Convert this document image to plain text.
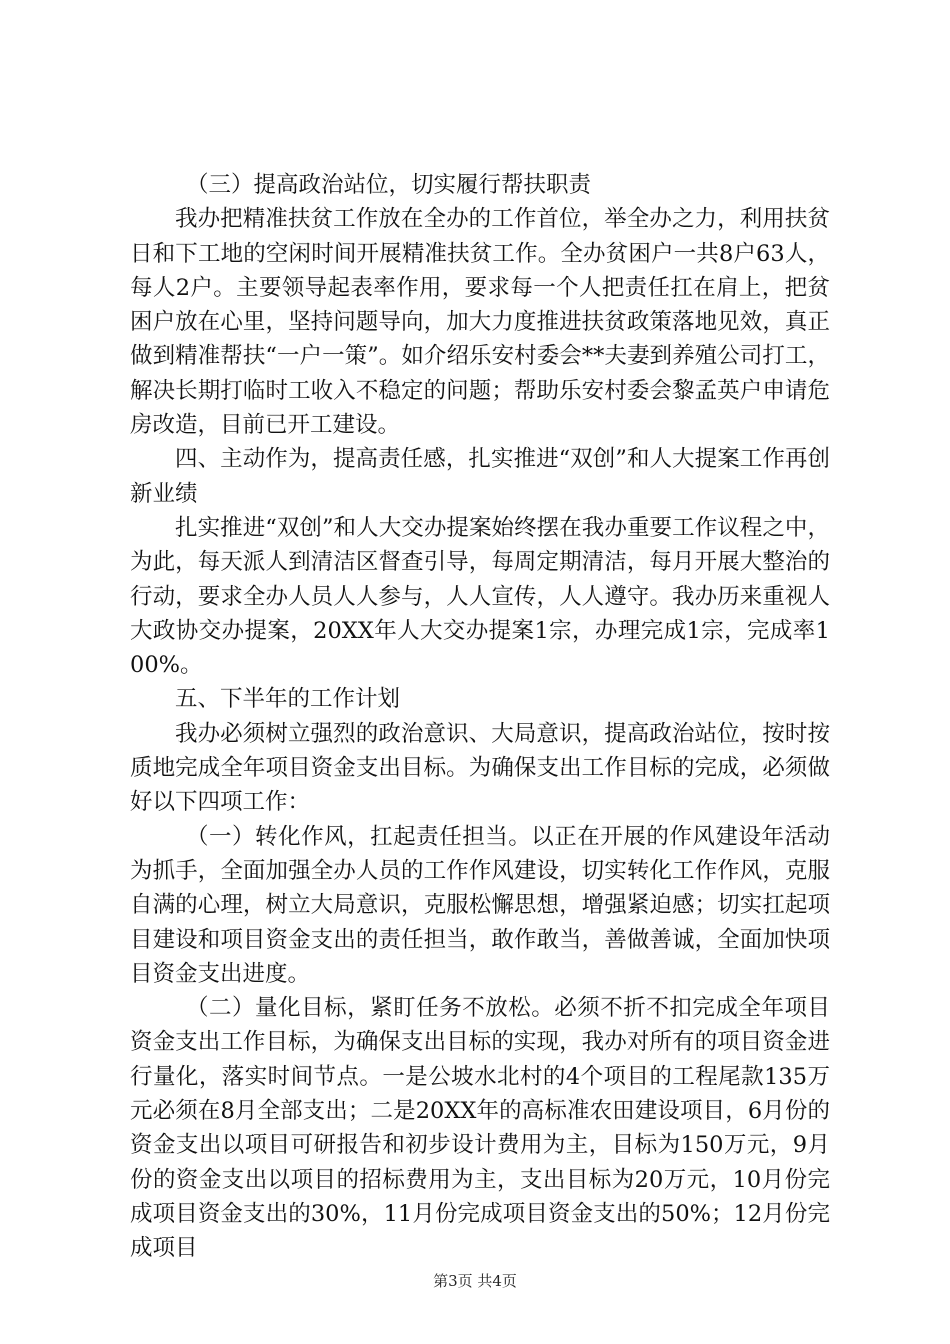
（三）提高政治站位，切实履行帮扶职责

我办把精准扶贫工作放在全办的工作首位，举全办之力，利用扶贫日和下工地的空闲时间开展精准扶贫工作。全办贫困户一共8户63人，每人2户。主要领导起表率作用，要求每一个人把责任扛在肩上，把贫困户放在心里，坚持问题导向，加大力度推进扶贫政策落地见效，真正做到精准帮扶“一户一策”。如介绍乐安村委会**夫妻到养殖公司打工，解决长期打临时工收入不稳定的问题；帮助乐安村委会黎孟英户申请危房改造，目前已开工建设。

四、主动作为，提高责任感，扎实推进“双创”和人大提案工作再创新业绩

扎实推进“双创”和人大交办提案始终摆在我办重要工作议程之中，为此，每天派人到清洁区督查引导，每周定期清洁，每月开展大整治的行动，要求全办人员人人参与，人人宣传，人人遵守。我办历来重视人大政协交办提案，20XX年人大交办提案1宗，办理完成1宗，完成率100%。

五、下半年的工作计划

我办必须树立强烈的政治意识、大局意识，提高政治站位，按时按质地完成全年项目资金支出目标。为确保支出工作目标的完成，必须做好以下四项工作：

（一）转化作风，扛起责任担当。以正在开展的作风建设年活动为抓手，全面加强全办人员的工作作风建设，切实转化工作作风，克服自满的心理，树立大局意识，克服松懈思想，增强紧迫感；切实扛起项目建设和项目资金支出的责任担当，敢作敢当，善做善诚，全面加快项目资金支出进度。

（二）量化目标，紧盯任务不放松。必须不折不扣完成全年项目资金支出工作目标，为确保支出目标的实现，我办对所有的项目资金进行量化，落实时间节点。一是公坡水北村的4个项目的工程尾款135万元必须在8月全部支出；二是20XX年的高标准农田建设项目，6月份的资金支出以项目可研报告和初步设计费用为主，目标为150万元，9月份的资金支出以项目的招标费用为主，支出目标为20万元，10月份完成项目资金支出的30%，11月份完成项目资金支出的50%；12月份完成项目

第3页 共4页
